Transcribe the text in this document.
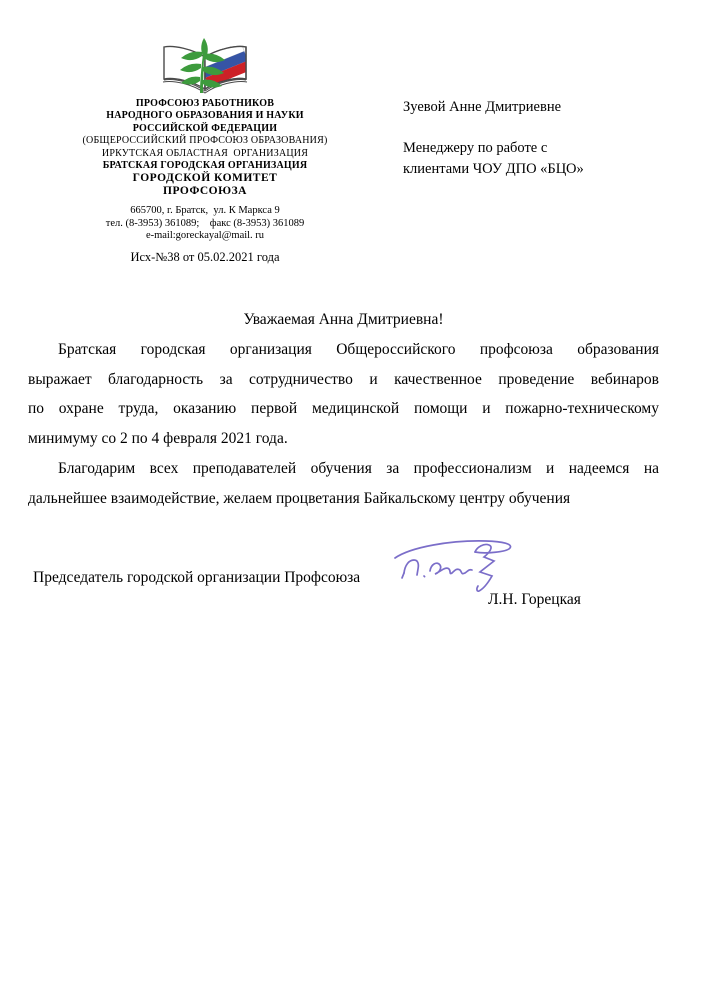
ПРОФСОЮЗ РАБОТНИКОВ
НАРОДНОГО ОБРАЗОВАНИЯ И НАУКИ
РОССИЙСКОЙ ФЕДЕРАЦИИ
(ОБЩЕРОССИЙСКИЙ ПРОФСОЮЗ ОБРАЗОВАНИЯ)
ИРКУТСКАЯ ОБЛАСТНАЯ  ОРГАНИЗАЦИЯ
БРАТСКАЯ ГОРОДСКАЯ ОРГАНИЗАЦИЯ
ГОРОДСКОЙ КОМИТЕТ
ПРОФСОЮЗА
665700, г. Братск,  ул. К Маркса 9
тел. (8-3953) 361089;    факс (8-3953) 361089
e-mail:goreckayal@mail. ru
Исх-№38 от 05.02.2021 года
Зуевой Анне Дмитриевне
Менеджеру по работе с
клиентами ЧОУ ДПО «БЦО»
Уважаемая Анна Дмитриевна!
Братская городская организация Общероссийского профсоюза образования
выражает благодарность за сотрудничество и качественное проведение вебинаров
по охране труда, оказанию первой медицинской помощи и пожарно-техническому
минимуму со 2 по 4 февраля 2021 года.
Благодарим всех преподавателей обучения за профессионализм и надеемся на
дальнейшее взаимодействие, желаем процветания Байкальскому центру обучения
Председатель городской организации Профсоюза
Л.Н. Горецкая
